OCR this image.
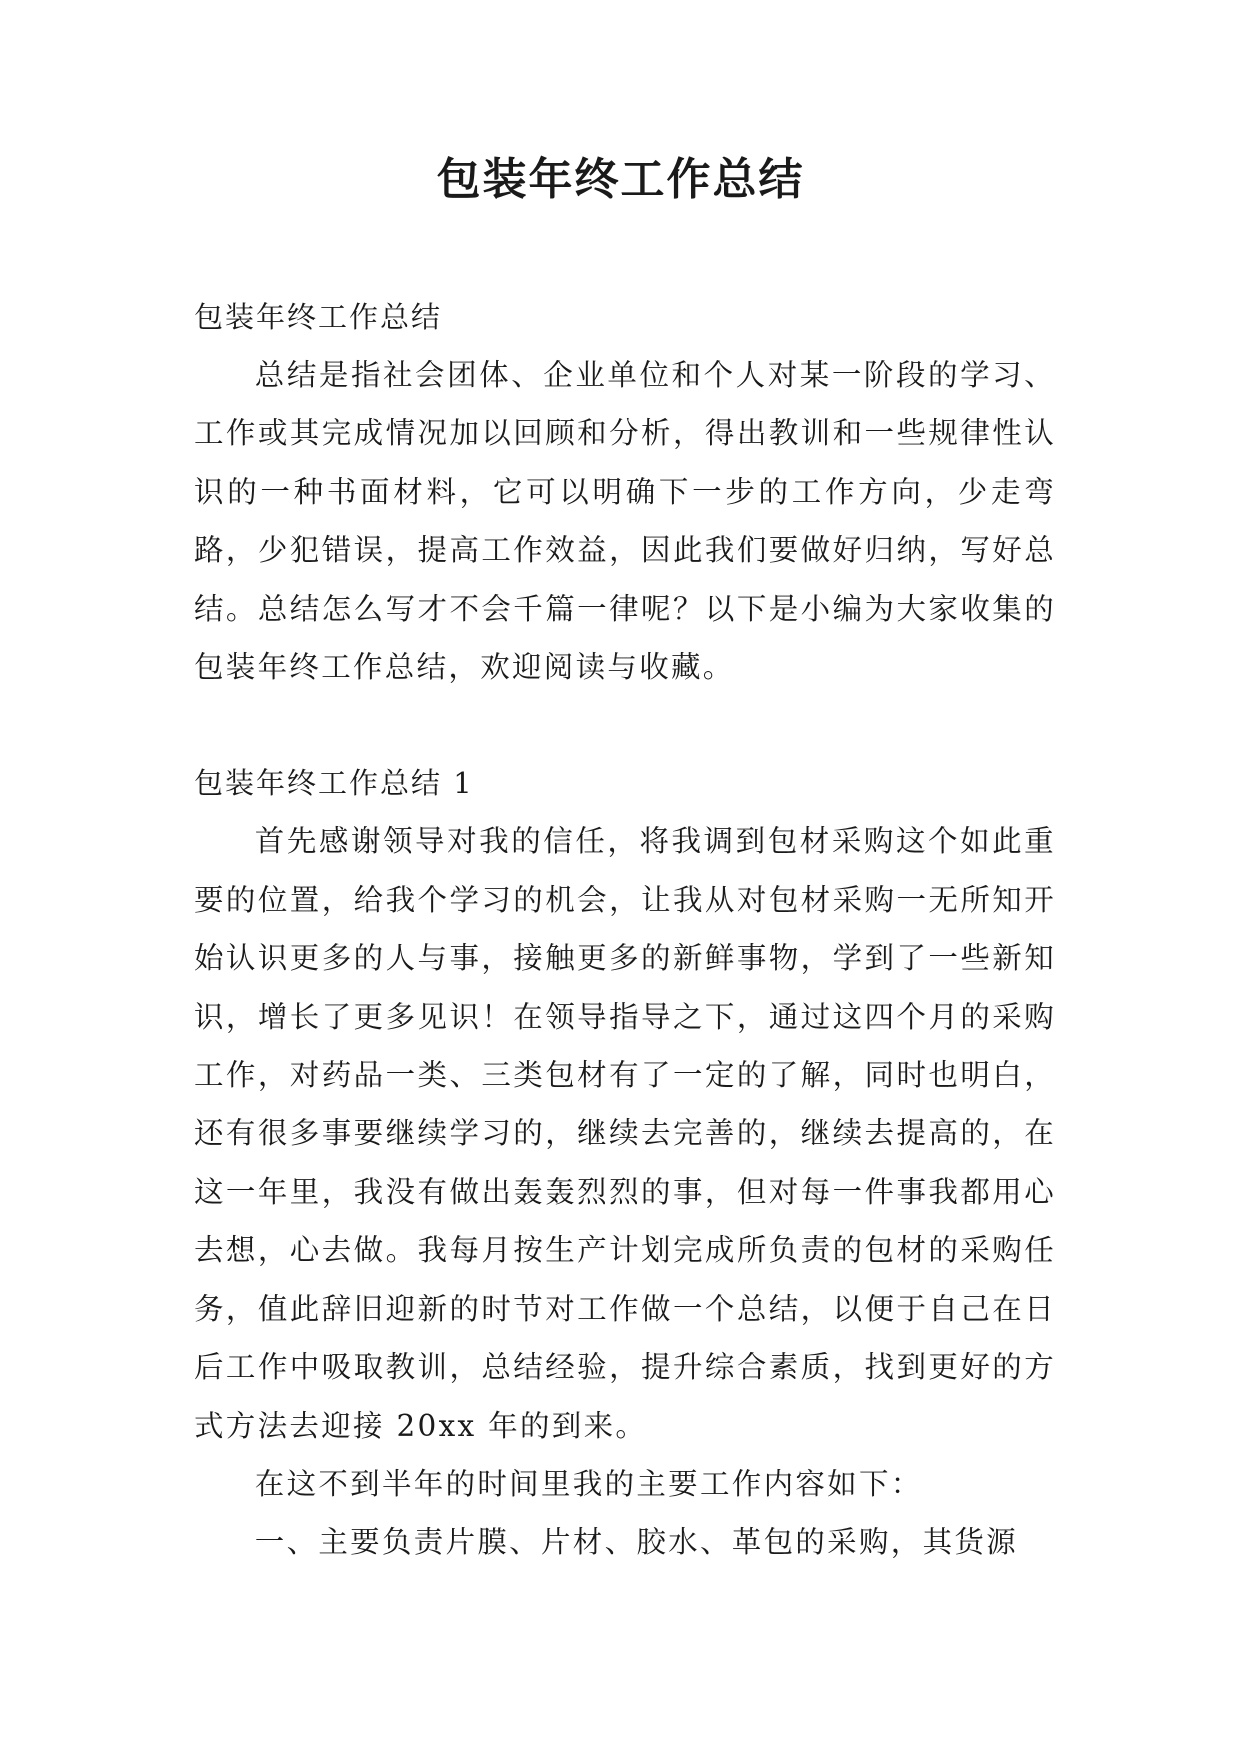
包装年终工作总结

包装年终工作总结

总结是指社会团体、企业单位和个人对某一阶段的学习、工作或其完成情况加以回顾和分析，得出教训和一些规律性认识的一种书面材料，它可以明确下一步的工作方向，少走弯路，少犯错误，提高工作效益，因此我们要做好归纳，写好总结。总结怎么写才不会千篇一律呢？以下是小编为大家收集的包装年终工作总结，欢迎阅读与收藏。

包装年终工作总结 1

首先感谢领导对我的信任，将我调到包材采购这个如此重要的位置，给我个学习的机会，让我从对包材采购一无所知开始认识更多的人与事，接触更多的新鲜事物，学到了一些新知识，增长了更多见识！在领导指导之下，通过这四个月的采购工作，对药品一类、三类包材有了一定的了解，同时也明白，还有很多事要继续学习的，继续去完善的，继续去提高的，在这一年里，我没有做出轰轰烈烈的事，但对每一件事我都用心去想，心去做。我每月按生产计划完成所负责的包材的采购任务，值此辞旧迎新的时节对工作做一个总结，以便于自己在日后工作中吸取教训，总结经验，提升综合素质，找到更好的方式方法去迎接 20xx 年的到来。

在这不到半年的时间里我的主要工作内容如下：

一、主要负责片膜、片材、胶水、革包的采购，其货源
